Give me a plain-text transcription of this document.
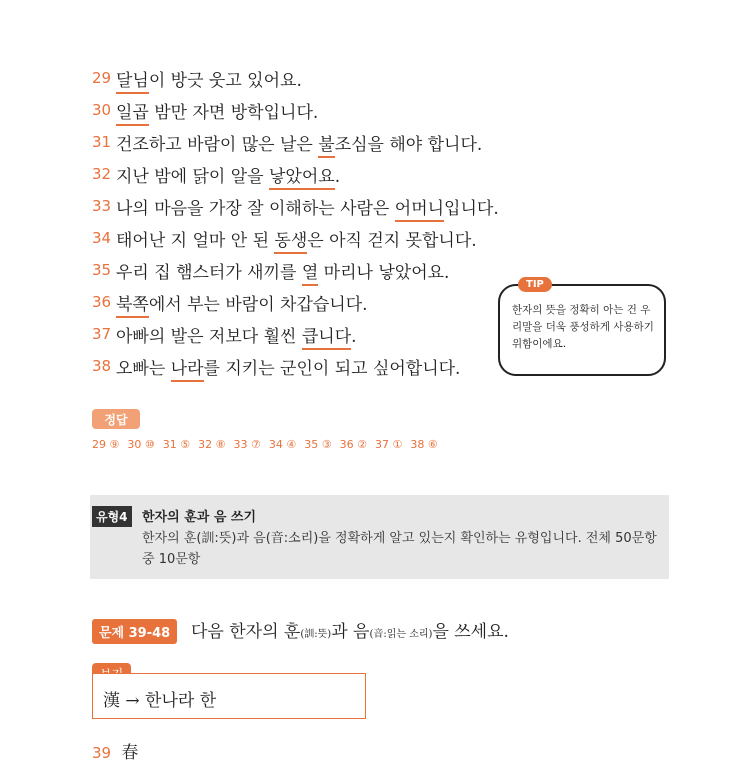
29 달님이 방긋 웃고 있어요.
30 일곱 밤만 자면 방학입니다.
31 건조하고 바람이 많은 날은 불조심을 해야 합니다.
32 지난 밤에 닭이 알을 낳았어요.
33 나의 마음을 가장 잘 이해하는 사람은 어머니입니다.
34 태어난 지 얼마 안 된 동생은 아직 걷지 못합니다.
35 우리 집 햄스터가 새끼를 열 마리나 낳았어요.
36 북쪽에서 부는 바람이 차갑습니다.
37 아빠의 발은 저보다 훨씬 큽니다.
38 오빠는 나라를 지키는 군인이 되고 싶어합니다.
TIP
한자의 뜻을 정확히 아는 건 우리말을 더욱 풍성하게 사용하기 위함이에요.
정답
29 ⑨ 30 ⑩ 31 ⑤ 32 ⑧ 33 ⑦ 34 ④ 35 ③ 36 ② 37 ① 38 ⑥
유형4	한자의 훈과 음 쓰기
한자의 훈(訓:뜻)과 음(音:소리)을 정확하게 알고 있는지 확인하는 유형입니다. 전체 50문항 중 10문항
문제 39-48	다음 한자의 훈(訓:뜻)과 음(音:읽는 소리)을 쓰세요.
漢 → 한나라 한
39 春
